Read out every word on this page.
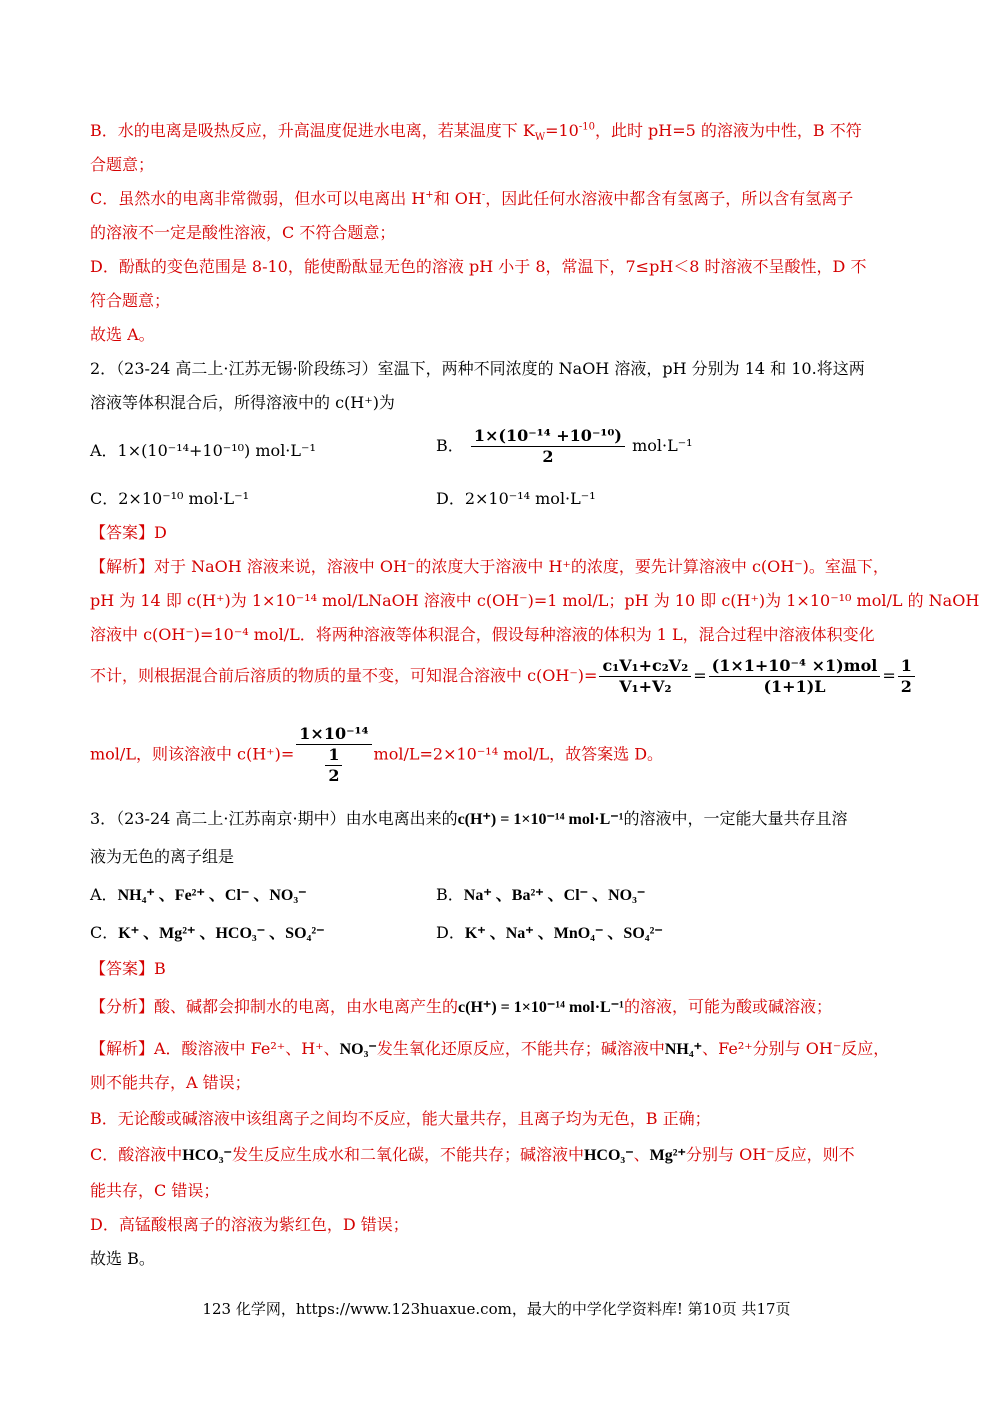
B．水的电离是吸热反应，升高温度促进水电离，若某温度下 $K_W=10^{-10}$，此时 pH=5 的溶液为中性，B 不符
合题意；
C．虽然水的电离非常微弱，但水可以电离出 H+和 OH-，因此任何水溶液中都含有氢离子，所以含有氢离子
的溶液不一定是酸性溶液，C 不符合题意；
D．酚酞的变色范围是 8-10，能使酚酞显无色的溶液 pH 小于 8，常温下，7≤pH＜8 时溶液不呈酸性，D 不
符合题意；
故选 A。
2．（23-24 高二上·江苏无锡·阶段练习）室温下，两种不同浓度的 NaOH 溶液，pH 分别为 14 和 10.将这两
溶液等体积混合后，所得溶液中的 c(H⁺)为
A．1×(10⁻¹⁴+10⁻¹⁰) mol·L⁻¹	B． $\frac{\text{1×(10⁻¹⁴ +10⁻¹⁰)}}{2} mol\cdot L^{-1}$
C．2×10⁻¹⁰ mol·L⁻¹	D．2×10⁻¹⁴ mol·L⁻¹
【答案】D
【解析】对于 NaOH 溶液来说，溶液中 OH⁻的浓度大于溶液中 H⁺的浓度，要先计算溶液中 c(OH⁻)。室温下，
pH 为 14 即 c(H⁺)为 1×10⁻¹⁴ mol/LNaOH 溶液中 c(OH⁻)=1 mol/L；pH 为 10 即 c(H⁺)为 1×10⁻¹⁰ mol/L 的 NaOH
溶液中 c(OH⁻)=10⁻⁴ mol/L．将两种溶液等体积混合，假设每种溶液的体积为 1 L，混合过程中溶液体积变化
不计，则根据混合前后溶质的物质的量不变，可知混合溶液中 $c(OH^-)= \frac{\text{c₁V₁+c₂V₂}}{\text{V₁+V₂}} = \frac{\text{(1×1+10⁻⁴ ×1)mol}}{(1+1)L} = \frac{1}{2}$
mol/L，则该溶液中 $c(H^+)= \frac{\text{1×10⁻¹⁴}}{\frac{1}{2}} mol/L=2\times 10^{-14}$ mol/L，故答案选 D。
3．（23-24 高二上·江苏南京·期中）由水电离出来的c(H⁺) = 1×10⁻¹⁴ mol·L⁻¹的溶液中，一定能大量共存且溶
液为无色的离子组是
A．NH₄⁺ 、Fe²⁺ 、Cl⁻ 、NO₃⁻	B．Na⁺ 、Ba²⁺ 、Cl⁻ 、NO₃⁻
C．K⁺ 、Mg²⁺ 、HCO₃⁻ 、SO₄²⁻	D．K⁺ 、Na⁺ 、MnO₄⁻ 、SO₄²⁻
【答案】B
【分析】酸、碱都会抑制水的电离，由水电离产生的c(H⁺) = 1×10⁻¹⁴ mol·L⁻¹的溶液，可能为酸或碱溶液；
【解析】A．酸溶液中 Fe²⁺、H⁺、NO₃⁻发生氧化还原反应，不能共存；碱溶液中NH₄⁺、Fe²⁺分别与 OH⁻反应，
则不能共存，A 错误；
B．无论酸或碱溶液中该组离子之间均不反应，能大量共存，且离子均为无色，B 正确；
C．酸溶液中HCO₃⁻发生反应生成水和二氧化碳，不能共存；碱溶液中HCO₃⁻、Mg²⁺分别与 OH⁻反应，则不
能共存，C 错误；
D．高锰酸根离子的溶液为紫红色，D 错误；
故选 B。
123 化学网，https://www.123huaxue.com，最大的中学化学资料库! 第10页 共17页
